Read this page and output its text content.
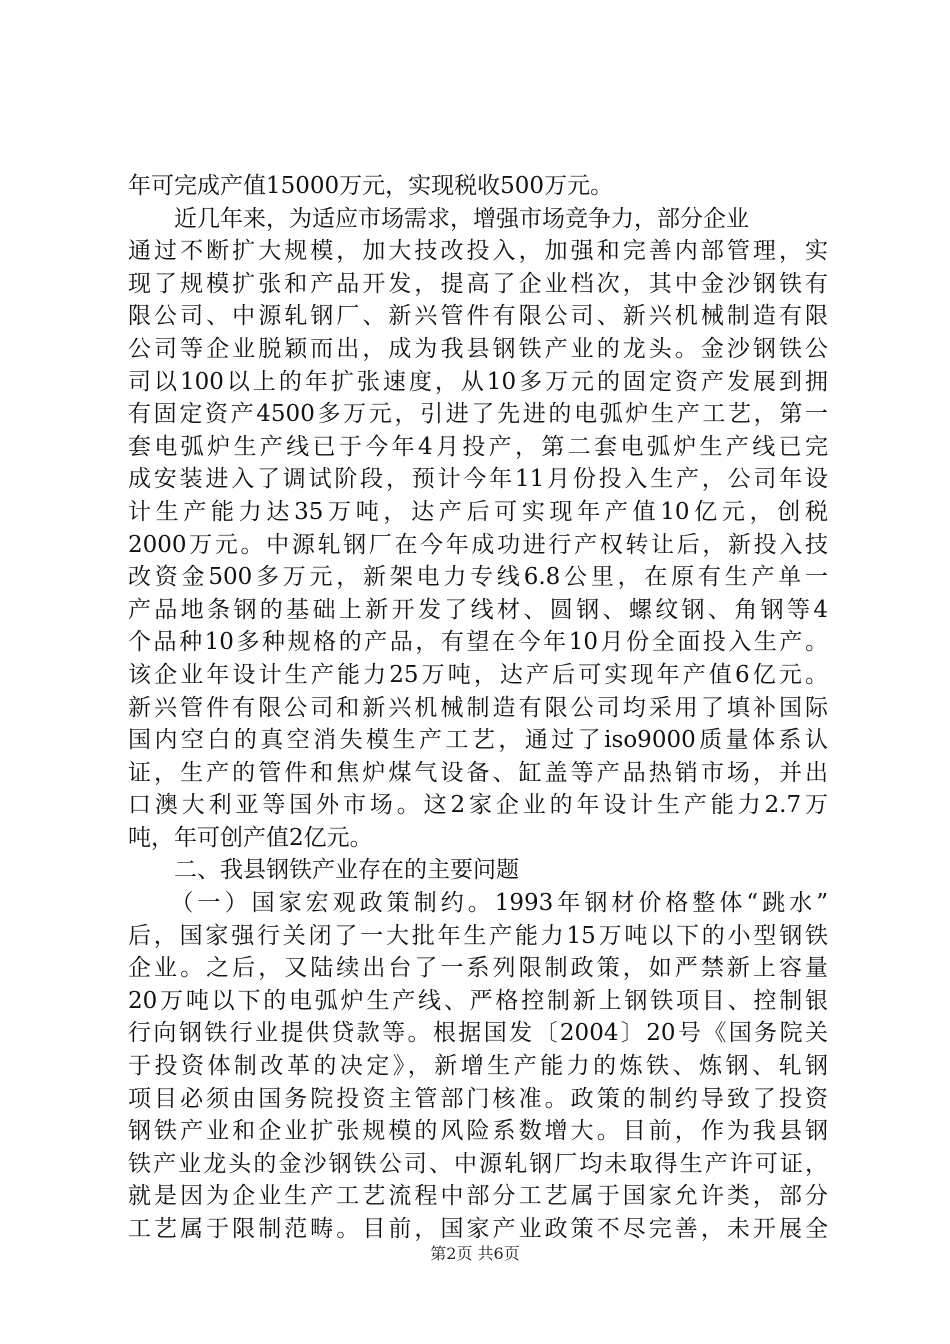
年可完成产值15000万元，实现税收500万元。
　　近几年来，为适应市场需求，增强市场竞争力，部分企业
通过不断扩大规模，加大技改投入，加强和完善内部管理，实
现了规模扩张和产品开发，提高了企业档次，其中金沙钢铁有
限公司、中源轧钢厂、新兴管件有限公司、新兴机械制造有限
公司等企业脱颖而出，成为我县钢铁产业的龙头。金沙钢铁公
司以100以上的年扩张速度，从10多万元的固定资产发展到拥
有固定资产4500多万元，引进了先进的电弧炉生产工艺，第一
套电弧炉生产线已于今年4月投产，第二套电弧炉生产线已完
成安装进入了调试阶段，预计今年11月份投入生产，公司年设
计生产能力达35万吨，达产后可实现年产值10亿元，创税
2000万元。中源轧钢厂在今年成功进行产权转让后，新投入技
改资金500多万元，新架电力专线6.8公里，在原有生产单一
产品地条钢的基础上新开发了线材、圆钢、螺纹钢、角钢等4
个品种10多种规格的产品，有望在今年10月份全面投入生产。
该企业年设计生产能力25万吨，达产后可实现年产值6亿元。
新兴管件有限公司和新兴机械制造有限公司均采用了填补国际
国内空白的真空消失模生产工艺，通过了iso9000质量体系认
证，生产的管件和焦炉煤气设备、缸盖等产品热销市场，并出
口澳大利亚等国外市场。这2家企业的年设计生产能力2.7万
吨，年可创产值2亿元。
　　二、我县钢铁产业存在的主要问题
　　（一）国家宏观政策制约。1993年钢材价格整体“跳水”
后，国家强行关闭了一大批年生产能力15万吨以下的小型钢铁
企业。之后，又陆续出台了一系列限制政策，如严禁新上容量
20万吨以下的电弧炉生产线、严格控制新上钢铁项目、控制银
行向钢铁行业提供贷款等。根据国发〔2004〕20号《国务院关
于投资体制改革的决定》，新增生产能力的炼铁、炼钢、轧钢
项目必须由国务院投资主管部门核准。政策的制约导致了投资
钢铁产业和企业扩张规模的风险系数增大。目前，作为我县钢
铁产业龙头的金沙钢铁公司、中源轧钢厂均未取得生产许可证，
就是因为企业生产工艺流程中部分工艺属于国家允许类，部分
工艺属于限制范畴。目前，国家产业政策不尽完善，未开展全
第2页 共6页
